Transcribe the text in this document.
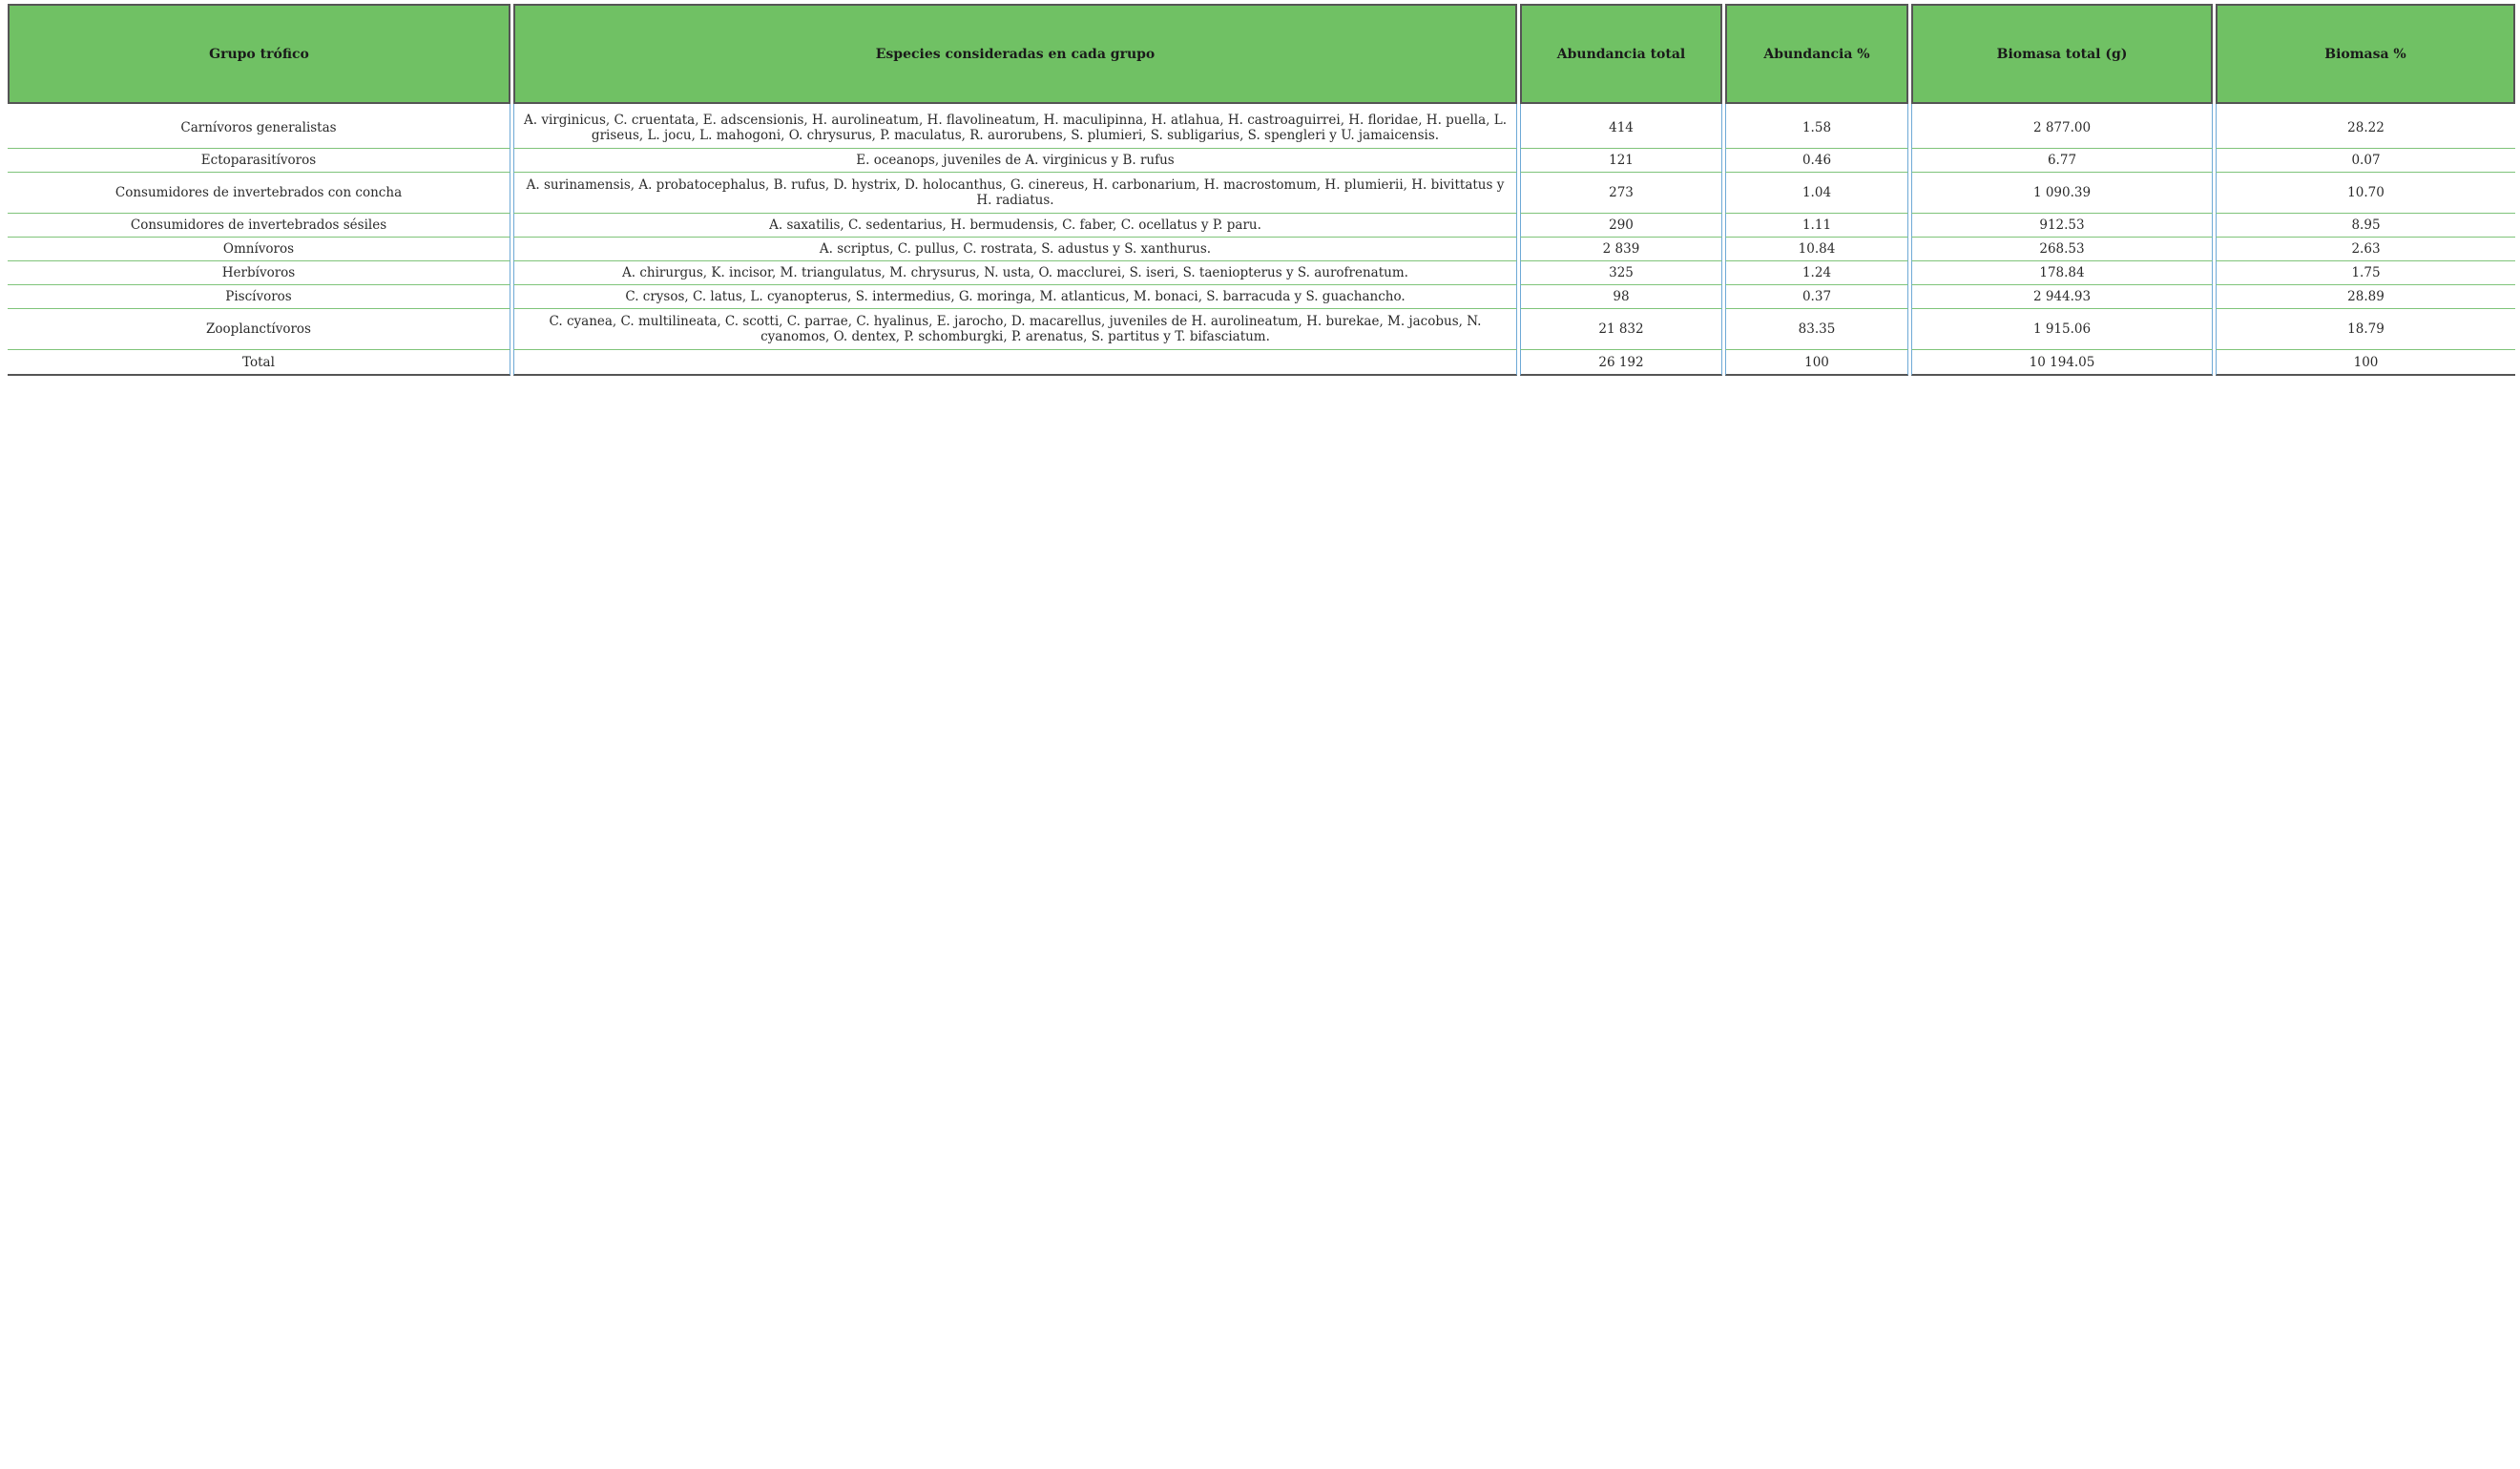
Grupo trófico	Especies consideradas en cada grupo	Abundancia total	Abundancia %	Biomasa total (g)	Biomasa %
Carnívoros generalistas	A. virginicus, C. cruentata, E. adscensionis, H. aurolineatum, H. flavolineatum, H. maculipinna, H. atlahua, H. castroaguirrei, H. floridae, H. puella, L. griseus, L. jocu, L. mahogoni, O. chrysurus, P. maculatus, R. aurorubens, S. plumieri, S. subligarius, S. spengleri y U. jamaicensis.	414	1.58	2 877.00	28.22
Ectoparasitívoros	E. oceanops, juveniles de A. virginicus y B. rufus	121	0.46	6.77	0.07
Consumidores de invertebrados con concha	A. surinamensis, A. probatocephalus, B. rufus, D. hystrix, D. holocanthus, G. cinereus, H. carbonarium, H. macrostomum, H. plumierii, H. bivittatus y H. radiatus.	273	1.04	1 090.39	10.70
Consumidores de invertebrados sésiles	A. saxatilis, C. sedentarius, H. bermudensis, C. faber, C. ocellatus y P. paru.	290	1.11	912.53	8.95
Omnívoros	A. scriptus, C. pullus, C. rostrata, S. adustus y S. xanthurus.	2 839	10.84	268.53	2.63
Herbívoros	A. chirurgus, K. incisor, M. triangulatus, M. chrysurus, N. usta, O. macclurei, S. iseri, S. taeniopterus y S. aurofrenatum.	325	1.24	178.84	1.75
Piscívoros	C. crysos, C. latus, L. cyanopterus, S. intermedius, G. moringa, M. atlanticus, M. bonaci, S. barracuda y S. guachancho.	98	0.37	2 944.93	28.89
Zooplanctívoros	C. cyanea, C. multilineata, C. scotti, C. parrae, C. hyalinus, E. jarocho, D. macarellus, juveniles de H. aurolineatum, H. burekae, M. jacobus, N. cyanomos, O. dentex, P. schomburgki, P. arenatus, S. partitus y T. bifasciatum.	21 832	83.35	1 915.06	18.79
Total		26 192	100	10 194.05	100
